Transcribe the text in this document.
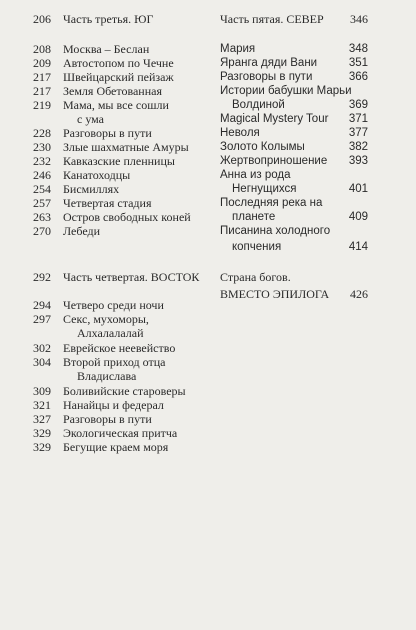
206 Часть третья. ЮГ
208 Москва – Беслан
209 Автостопом по Чечне
217 Швейцарский пейзаж
217 Земля Обетованная
219 Мама, мы все сошли
с ума
228 Разговоры в пути
230 Злые шахматные Амуры
232 Кавказские пленницы
246 Канатоходцы
254 Бисмиллях
257 Четвертая стадия
263 Остров свободных коней
270 Лебеди
292 Часть четвертая. ВОСТОК
294 Четверо среди ночи
297 Секс, мухоморы,
Алхалалалай
302 Еврейское неевейство
304 Второй приход отца
Владислава
309 Боливийские староверы
321 Нанайцы и федерал
327 Разговоры в пути
329 Экологическая притча
329 Бегущие краем моря
Часть пятая. СЕВЕР 346
Мария	348
Яранга дяди Вани	351
Разговоры в пути	366
Истории бабушки Марьи
Волдиной	369
Magical Mystery Tour 371
Неволя	377
Золото Колымы	382
Жертвоприношение 393
Анна из рода
Негнущихся	401
Последняя река на
планете	409
Писанина холодного
копчения	414
Страна богов.
ВМЕСТО ЭПИЛОГА 426
